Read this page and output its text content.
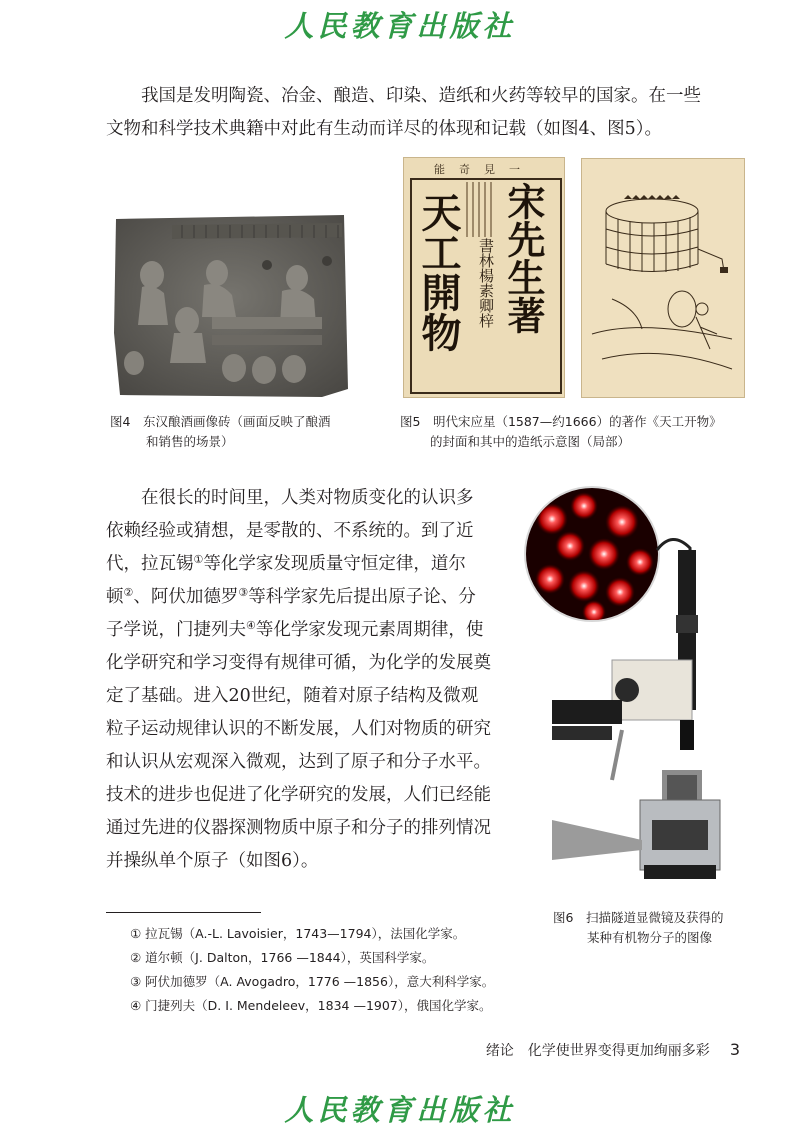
人民教育出版社

我国是发明陶瓷、冶金、酿造、印染、造纸和火药等较早的国家。在一些
文物和科学技术典籍中对此有生动而详尽的体现和记载（如图4、图5）。

图4　东汉酿酒画像砖（画面反映了酿酒
和销售的场景）
能奇見一
宋先生著
書林楊素卿梓
天工開物
图5　明代宋应星（1587—约1666）的著作《天工开物》
的封面和其中的造纸示意图（局部）

在很长的时间里，人类对物质变化的认识多
依赖经验或猜想，是零散的、不系统的。到了近
代，拉瓦锡①等化学家发现质量守恒定律，道尔
顿②、阿伏加德罗③等科学家先后提出原子论、分
子学说，门捷列夫④等化学家发现元素周期律，使
化学研究和学习变得有规律可循，为化学的发展奠
定了基础。进入20世纪，随着对原子结构及微观
粒子运动规律认识的不断发展，人们对物质的研究
和认识从宏观深入微观，达到了原子和分子水平。
技术的进步也促进了化学研究的发展，人们已经能
通过先进的仪器探测物质中原子和分子的排列情况
并操纵单个原子（如图6）。

图6　扫描隧道显微镜及获得的
某种有机物分子的图像
① 拉瓦锡（A.-L. Lavoisier，1743—1794），法国化学家。
② 道尔顿（J. Dalton，1766 —1844），英国科学家。
③ 阿伏加德罗（A. Avogadro，1776 —1856），意大利科学家。
④ 门捷列夫（D. I. Mendeleev，1834 —1907），俄国化学家。
绪论　化学使世界变得更加绚丽多彩 3
人民教育出版社
